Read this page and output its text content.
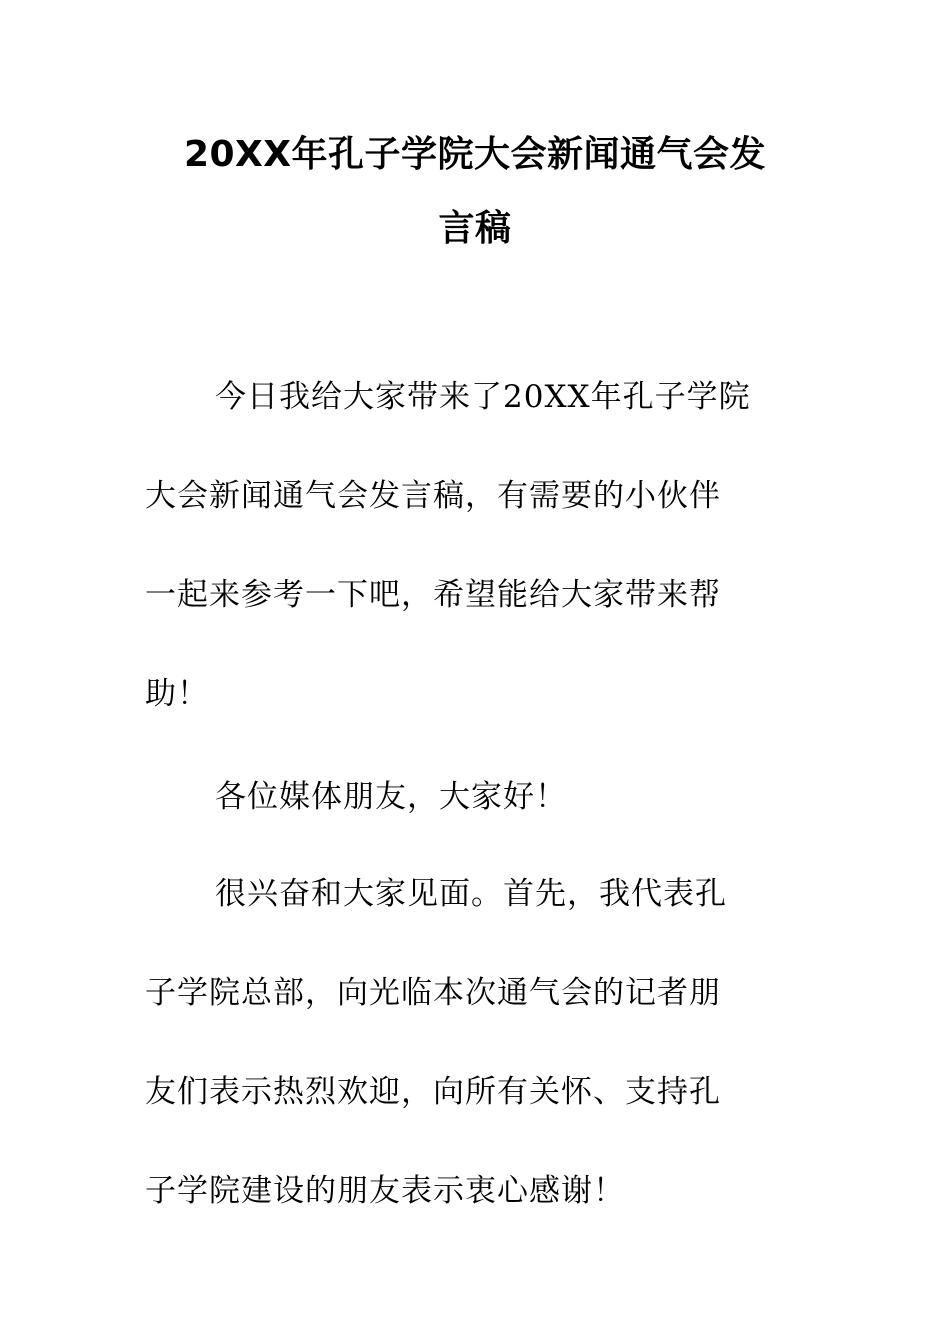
20XX年孔子学院大会新闻通气会发
言稿

今日我给大家带来了20XX年孔子学院
大会新闻通气会发言稿，有需要的小伙伴
一起来参考一下吧，希望能给大家带来帮
助！

各位媒体朋友，大家好！

很兴奋和大家见面。首先，我代表孔
子学院总部，向光临本次通气会的记者朋
友们表示热烈欢迎，向所有关怀、支持孔
子学院建设的朋友表示衷心感谢！
